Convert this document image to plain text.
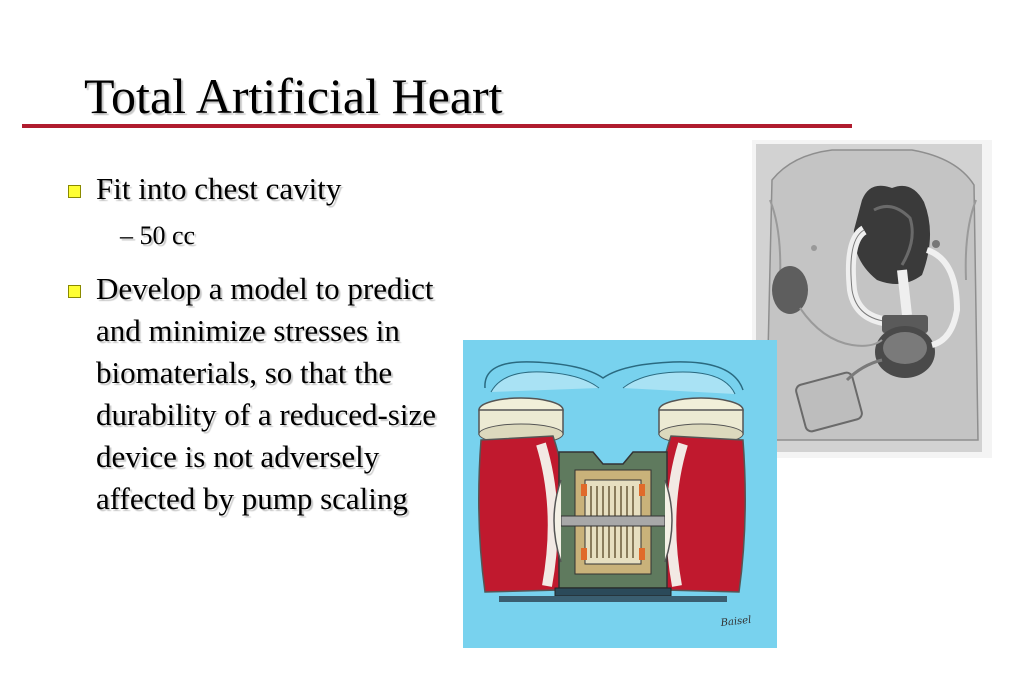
Total Artificial Heart
Fit into chest cavity
– 50 cc
Develop a model to predict and minimize stresses in biomaterials, so that the durability of a reduced-size device is not adversely affected by pump scaling
Baisel
